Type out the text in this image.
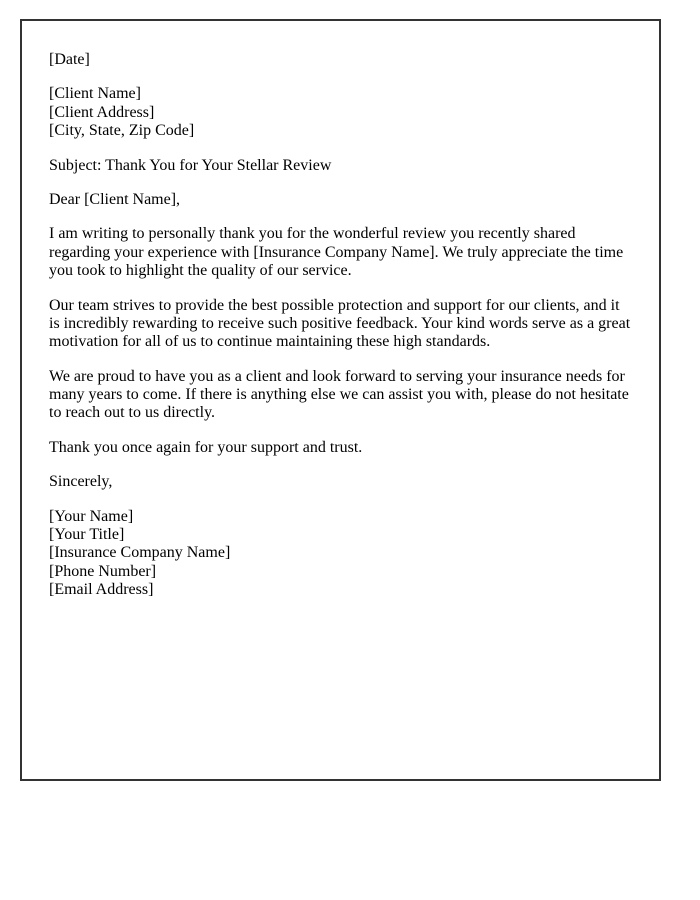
[Date]

[Client Name]
[Client Address]
[City, State, Zip Code]

Subject: Thank You for Your Stellar Review

Dear [Client Name],

I am writing to personally thank you for the wonderful review you recently shared regarding your experience with [Insurance Company Name]. We truly appreciate the time you took to highlight the quality of our service.

Our team strives to provide the best possible protection and support for our clients, and it is incredibly rewarding to receive such positive feedback. Your kind words serve as a great motivation for all of us to continue maintaining these high standards.

We are proud to have you as a client and look forward to serving your insurance needs for many years to come. If there is anything else we can assist you with, please do not hesitate to reach out to us directly.

Thank you once again for your support and trust.

Sincerely,

[Your Name]
[Your Title]
[Insurance Company Name]
[Phone Number]
[Email Address]
